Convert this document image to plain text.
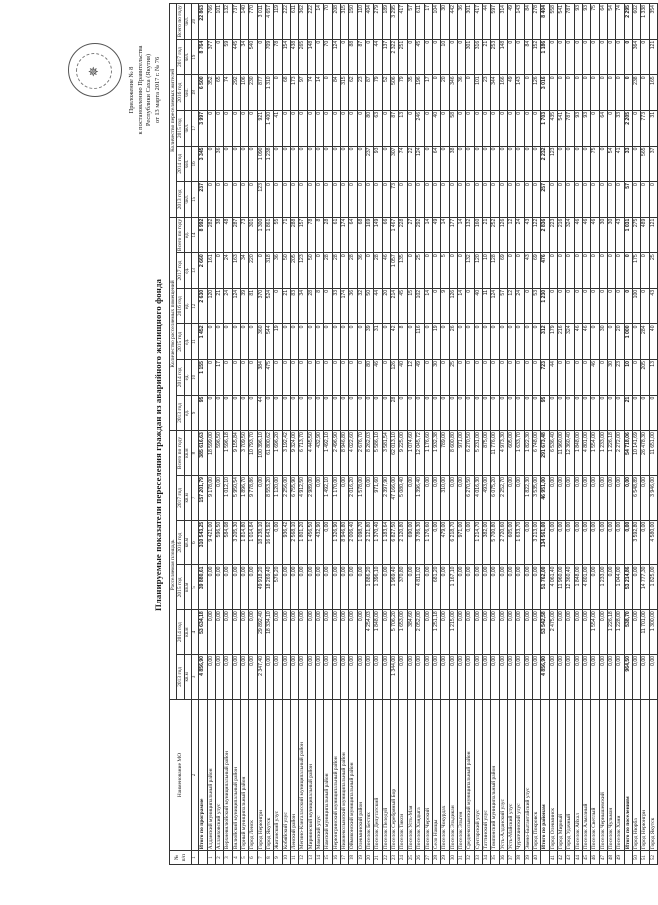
✵	Приложение № 8 к постановлению Правительства Республики Саха (Якутия) от 13 марта 2017 г. № 76
Планируемые показатели переселения граждан из аварийного жилищного фонда
№ п/п	Наименование МО	Расселяемая площадь						Количество расселяемых помещений						Количество переселяемых жителей					
		2013 год	2014 год	2015 год	2016 год	2017 год	Всего по году	2013 год	2014 год	2015 год	2016 год	2017 год	Всего по году	2013 год	2014 год	2015 год	2016 год	2017 год	Всего по году
		кв.м	кв.м	кв.м	кв.м	кв.м	кв.м	ед.	ед.	ед.	ед.	ед.	ед.	чел.	чел.	чел.	чел.	чел.	чел.
1	2	3	4	5	6	7	8	9	10	11	12	13	14	15	16	17	18	19	20
	Итого по программе	4 856,90	53 634,18	39 880,61	310 543,25	157 201,79	385 616,63	95	1 155	1 452	2 630	2 660	8 992	237	3 345	3 997	6 500	8 764	22 863
1	Алданский муниципальный район	0,00	0,00	0,00	9 421,00	9 178,00	18 599,00	0	0	0	120	161	282	0	0	0	352	377	766
2	Аллаиховский улус	0,00	0,00	0,00	596,50	0,00	596,50	0	17	0	21	0	38	0	36	0	65	0	101
3	Верхневилюйский муниципальный район	0,00	0,00	0,00	584,08	1 012,10	1 596,18	0	0	0	24	24	48	0	0	0	74	59	132
4	Вилюйский муниципальный район	0,00	0,00	0,00	3 205,30	5 950,54	9 155,84	0	0	0	124	163	287	0	0	0	292	445	737
5	Горный муниципальный район	0,00	0,00	0,00	1 814,80	1 896,70	3 709,50	0	0	0	39	34	73	0	0	0	106	34	140
6	Город Ленск	0,00	0,00	0,00	1 014,84	9 778,86	10 793,70	0	0	0	81	220	301	0	0	0	230	540	770
7	Город Нерюнгри	2 347,40	29 892,40	49 918,20	18 238,10	0,00	100 396,10	44	384	360	370	0	1 300	123	1 090	921	877	0	3 011
8	Город Якутск	0,00	18 334,10	18 269,40	16 643,92	8 553,20	61 800,62	0	475	544	524	318	1 861	0	1 238	1 400	1 310	709	4 657
9	Жиганский улус	0,00	0,00	576,20	0,00	1 120,00	1 696,20	0	0	19	0	36	55	0	0	41	0	78	119
10	Кобяйский улус	0,00	0,00	0,00	936,42	2 256,00	3 192,42	0	0	0	21	50	71	0	0	0	68	154	222
11	Ленский район	0,00	0,00	0,00	2 568,10	6 755,90	9 324,00	0	0	0	83	205	288	0	0	0	173	438	611
12	Мегино-Кангаласский муниципальный район	0,00	0,00	0,00	1 801,20	4 912,50	6 713,70	0	0	0	34	123	157	0	0	0	97	265	362
13	Мирнинский муниципальный район	0,00	0,00	0,00	1 456,50	2 989,00	4 445,50	0	0	0	28	50	78	0	0	0	74	148	222
14	Момский улус	0,00	0,00	0,00	432,90	0,00	432,90	0	0	0	8	0	8	0	0	0	14	0	14
15	Намский муниципальный район	0,00	0,00	0,00	0,00	1 492,10	1 492,10	0	0	0	0	28	28	0	0	0	0	70	70
16	Нерюнгринский муниципальный район	0,00	0,00	0,00	1 326,90	1 170,00	2 496,90	0	0	0	33	28	61	0	0	0	84	124	208
17	Нижнеколымский муниципальный район	0,00	0,00	0,00	8 946,80	0,00	8 946,80	0	0	0	174	0	174	0	0	0	315	0	315
18	Оймяконский муниципальный район	0,00	0,00	0,00	2 006,40	2 016,20	4 022,60	0	0	0	36	28	64	0	0	0	62	88	150
19	Олекминский район	0,00	0,00	0,00	1 098,70	1 578,00	2 676,70	0	0	0	32	36	68	0	0	0	23	87	110
20	Поселок Бестях	0,00	4 254,03	1 886,20	2 121,80	0,00	8 262,03	0	80	39	50	0	169	0	237	80	87	0	404
21	Поселок Депутатский	0,00	1 848,00	1 396,10	1 370,40	971,60	5 586,10	0	46	31	44	28	149	0	93	63	79	44	279
22	Поселок Пеледуй	0,00	0,00	0,00	1 183,64	2 397,90	3 581,54	0	0	0	20	46	66	0	0	0	52	137	189
23	Поселок Серебряный Бор	1 344,00	5 706,20	1 969,40	6 827,50	47 166,00	62 013,10	28	126	42	214	1 057	1 467	73	307	87	506	2 322	3 295
24	Поселок Тикси	0,00	1 653,00	370,80	2 120,80	5 080,40	9 225,00	0	40	8	45	135	228	0	74	13	79	251	417
25	Поселок Усть-Мая	0,00	384,60	0,00	690,00	0,00	1 074,60	0	12	0	15	0	27	0	22	0	35	0	57
26	Поселок Хандыга	0,00	2 052,00	4 811,02	3 786,30	1 396,40	12 045,72	0	49	116	102	25	292	0	124	246	196	45	611
27	Поселок Черский	0,00	0,00	0,00	1 176,60	0,00	1 176,60	0	0	0	14	0	14	0	0	0	17	0	17
28	Село Намцы	0,00	1 251,18	681,20	0,00	0,00	1 932,38	0	30	19	0	0	49	0	64	40	0	0	104
29	Поселок Чокурдах	0,00	0,00	0,00	479,00	310,00	789,00	0	0	0	9	5	14	0	0	0	20	10	30
30	Поселок Эльдикан	0,00	1 215,00	1 167,10	6 218,70	0,00	8 600,80	0	25	26	126	0	177	0	38	58	346	0	442
31	Поселок Эльген	0,00	0,00	0,00	971,00	0,00	971,00	0	0	0	14	0	14	0	0	0	36	0	36
32	Среднеколымский муниципальный район	0,00	0,00	0,00	0,00	6 270,50	6 270,50	0	0	0	0	132	132	0	0	0	0	301	301
33	Сунтарский улус	0,00	0,00	0,00	1 214,70	4 016,30	5 231,00	0	0	0	40	120	160	0	0	0	101	316	417
34	Таттинский улус	0,00	0,00	0,00	382,00	493,00	875,00	0	0	0	11	10	21	0	0	0	23	21	44
35	Томпонский муниципальный район	0,00	0,00	0,00	5 700,80	6 075,20	11 776,00	0	0	0	124	128	252	0	0	0	344	253	597
36	Усть-Алданский улус	0,00	0,00	0,00	2 720,60	2 252,70	4 973,30	0	0	0	57	69	126	0	0	0	166	148	314
37	Усть-Майский улус	0,00	0,00	0,00	605,00	0,00	605,00	0	0	0	12	0	12	0	0	0	49	0	49
38	Чурапчинский улус	0,00	0,00	0,00	1 633,70	0,00	1 633,70	0	0	0	24	0	24	0	0	0	143	0	143
39	Эвено-Бытантайский улус	0,00	0,00	0,00	0,00	1 822,30	1 822,30	0	0	0	0	43	43	0	0	0	0	84	84
40	Город Покровск	0,00	0,00	0,00	3 213,00	3 535,00	6 748,00	0	0	0	53	69	122	0	0	0	126	152	278
	Итого по районам	4 856,90	53 542,58	51 762,00	134 561,00	46 951,00	291 673,48	95	723	312	1 230	476	2 836	257	2 232	1 703	3 016	1 186	8 404
41	Город Олекминск	0,00	2 475,00	4 061,40	0,00	0,00	6 536,40	0	44	179	0	0	223	0	123	435	0	0	558
42	Город Мирный	0,00	0,00	11 960,00	0,00	0,00	11 960,00	0	0	216	0	0	216	0	0	541	0	0	541
43	Город Удачный	0,00	0,00	12 360,40	0,00	0,00	12 360,40	0	0	324	0	0	324	0	0	787	0	0	787
44	Поселок Айхал	0,00	0,00	1 848,00	0,00	0,00	1 848,00	0	0	46	0	0	46	0	0	93	0	0	93
45	Поселок Алмазный	0,00	0,00	4 801,00	0,00	0,00	4 801,00	0	0	46	0	0	46	0	0	93	0	0	93
46	Поселок Светлый	0,00	1 554,00	0,00	0,00	0,00	1 554,00	0	46	0	0	0	46	0	75	0	0	0	75
47	Поселок Чернышевский	0,00	0,00	1 233,00	0,00	0,00	1 233,00	0	0	30	0	0	30	0	0	64	0	0	64
48	Поселок Чульман	0,00	1 226,18	0,00	0,00	0,00	1 226,18	0	30	0	0	0	30	0	54	0	0	0	54
49	Поселок Хани	0,00	1 228,00	1 044,00	0,00	0,00	2 272,00	0	23	20	0	0	43	0	41	33	0	0	74
	Итого по поселениям	964,50	538,70	53 214,86	0,00	0,00	54 718,06	21	10	1 000	0	0	1 031	57	33	2 205	0	0	2 295
50	Город Нюрба	0,00	0,00	0,00	3 592,80	6 548,89	10 141,69	0	0	0	100	175	275	0	0	0	238	364	602
51	Город Нерюнгри	0,00	11 701,00	14 777,30	0,00	0,00	26 478,30	0	205	284	0	0	489	0	565	773	0	0	1 338
52	Город Якутск	0,00	1 300,00	1 825,00	4 580,00	3 946,00	11 651,00	0	13	40	43	25	121	0	37	31	165	121	354
